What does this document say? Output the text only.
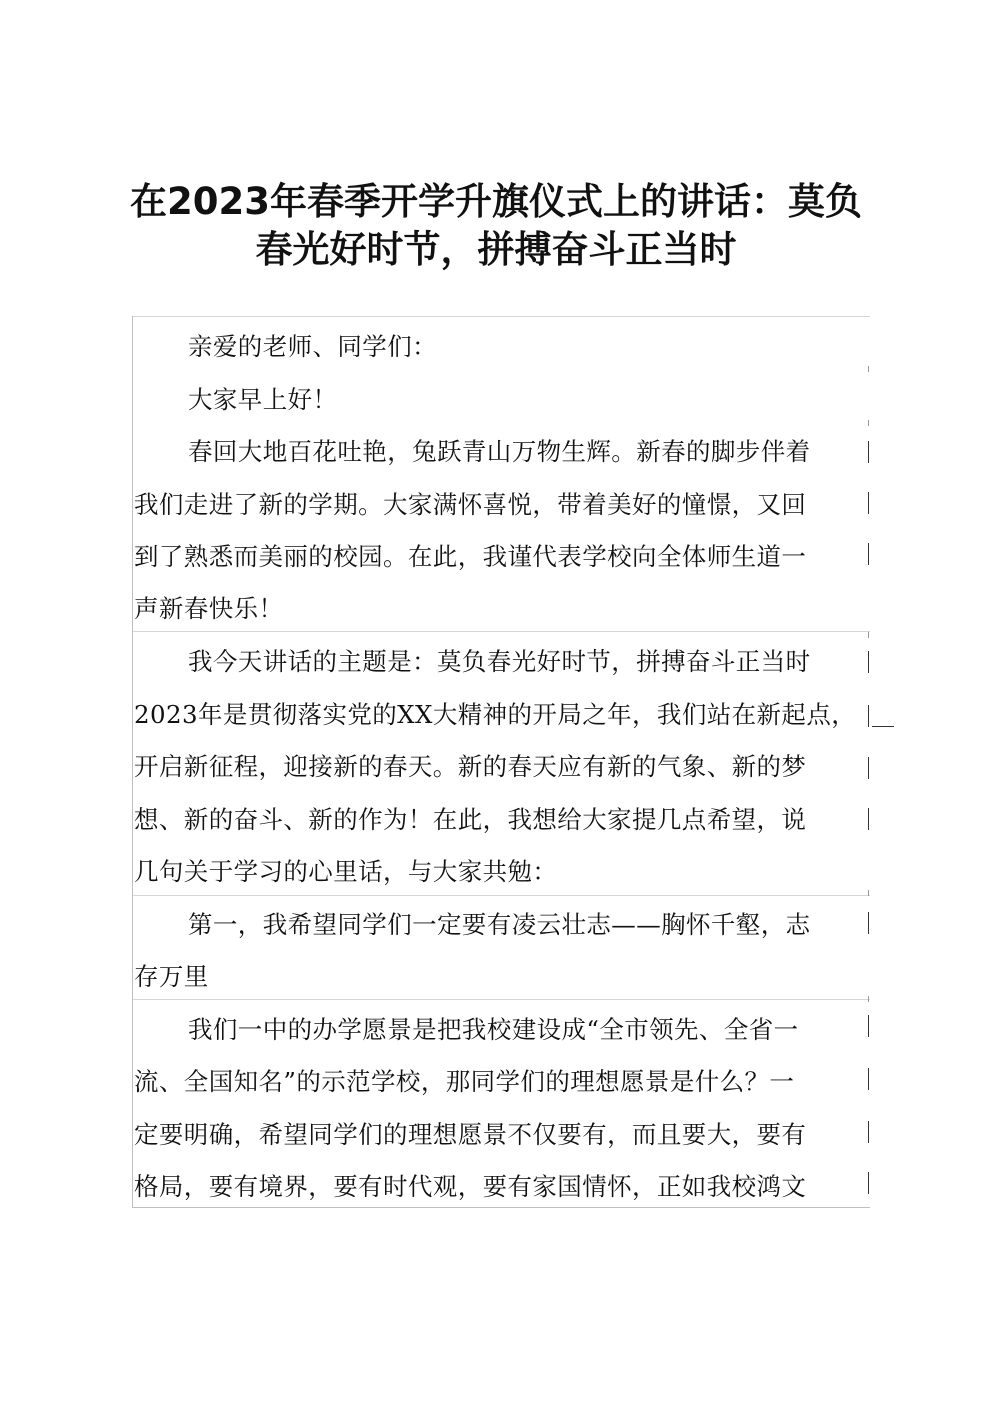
在2023年春季开学升旗仪式上的讲话：莫负
春光好时节，拼搏奋斗正当时
亲爱的老师、同学们：
大家早上好！
春回大地百花吐艳，兔跃青山万物生辉。新春的脚步伴着
我们走进了新的学期。大家满怀喜悦，带着美好的憧憬，又回
到了熟悉而美丽的校园。在此，我谨代表学校向全体师生道一
声新春快乐！
我今天讲话的主题是：莫负春光好时节，拼搏奋斗正当时
2023年是贯彻落实党的XX大精神的开局之年，我们站在新起点，
开启新征程，迎接新的春天。新的春天应有新的气象、新的梦
想、新的奋斗、新的作为！在此，我想给大家提几点希望，说
几句关于学习的心里话，与大家共勉：
第一，我希望同学们一定要有凌云壮志——胸怀千壑，志
存万里
我们一中的办学愿景是把我校建设成“全市领先、全省一
流、全国知名”的示范学校，那同学们的理想愿景是什么？一
定要明确，希望同学们的理想愿景不仅要有，而且要大，要有
格局，要有境界，要有时代观，要有家国情怀，正如我校鸿文
